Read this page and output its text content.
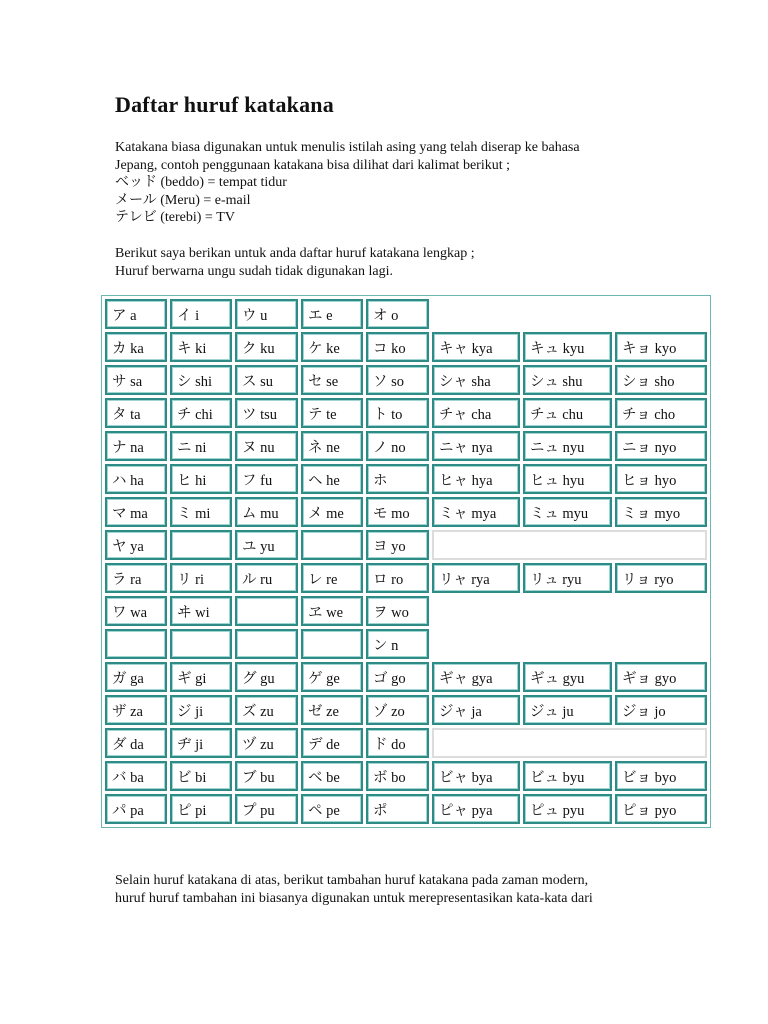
Daftar huruf katakana
Katakana biasa digunakan untuk menulis istilah asing yang telah diserap ke bahasa
Jepang, contoh penggunaan katakana bisa dilihat dari kalimat berikut ;
ベッド (beddo) = tempat tidur
メール (Meru) = e-mail
テレビ (terebi) = TV
Berikut saya berikan untuk anda daftar huruf katakana lengkap ;
Huruf berwarna ungu sudah tidak digunakan lagi.
ア a	イ i	ウ u	エ e	オ o			
カ ka	キ ki	ク ku	ケ ke	コ ko	キャ kya	キュ kyu	キョ kyo
サ sa	シ shi	ス su	セ se	ソ so	シャ sha	シュ shu	ショ sho
タ ta	チ chi	ツ tsu	テ te	ト to	チャ cha	チュ chu	チョ cho
ナ na	ニ ni	ヌ nu	ネ ne	ノ no	ニャ nya	ニュ nyu	ニョ nyo
ハ ha	ヒ hi	フ fu	ヘ he	ホ	ヒャ hya	ヒュ hyu	ヒョ hyo
マ ma	ミ mi	ム mu	メ me	モ mo	ミャ mya	ミュ myu	ミョ myo
ヤ ya		ユ yu		ヨ yo			
ラ ra	リ ri	ル ru	レ re	ロ ro	リャ rya	リュ ryu	リョ ryo
ワ wa	ヰ wi		ヱ we	ヲ wo			
				ン n			
ガ ga	ギ gi	グ gu	ゲ ge	ゴ go	ギャ gya	ギュ gyu	ギョ gyo
ザ za	ジ ji	ズ zu	ゼ ze	ゾ zo	ジャ ja	ジュ ju	ジョ jo
ダ da	ヂ ji	ヅ zu	デ de	ド do			
バ ba	ビ bi	ブ bu	ベ be	ボ bo	ビャ bya	ビュ byu	ビョ byo
パ pa	ピ pi	プ pu	ペ pe	ポ	ピャ pya	ピュ pyu	ピョ pyo
Selain huruf katakana di atas, berikut tambahan huruf katakana pada zaman modern,
huruf huruf tambahan ini biasanya digunakan untuk merepresentasikan kata-kata dari
